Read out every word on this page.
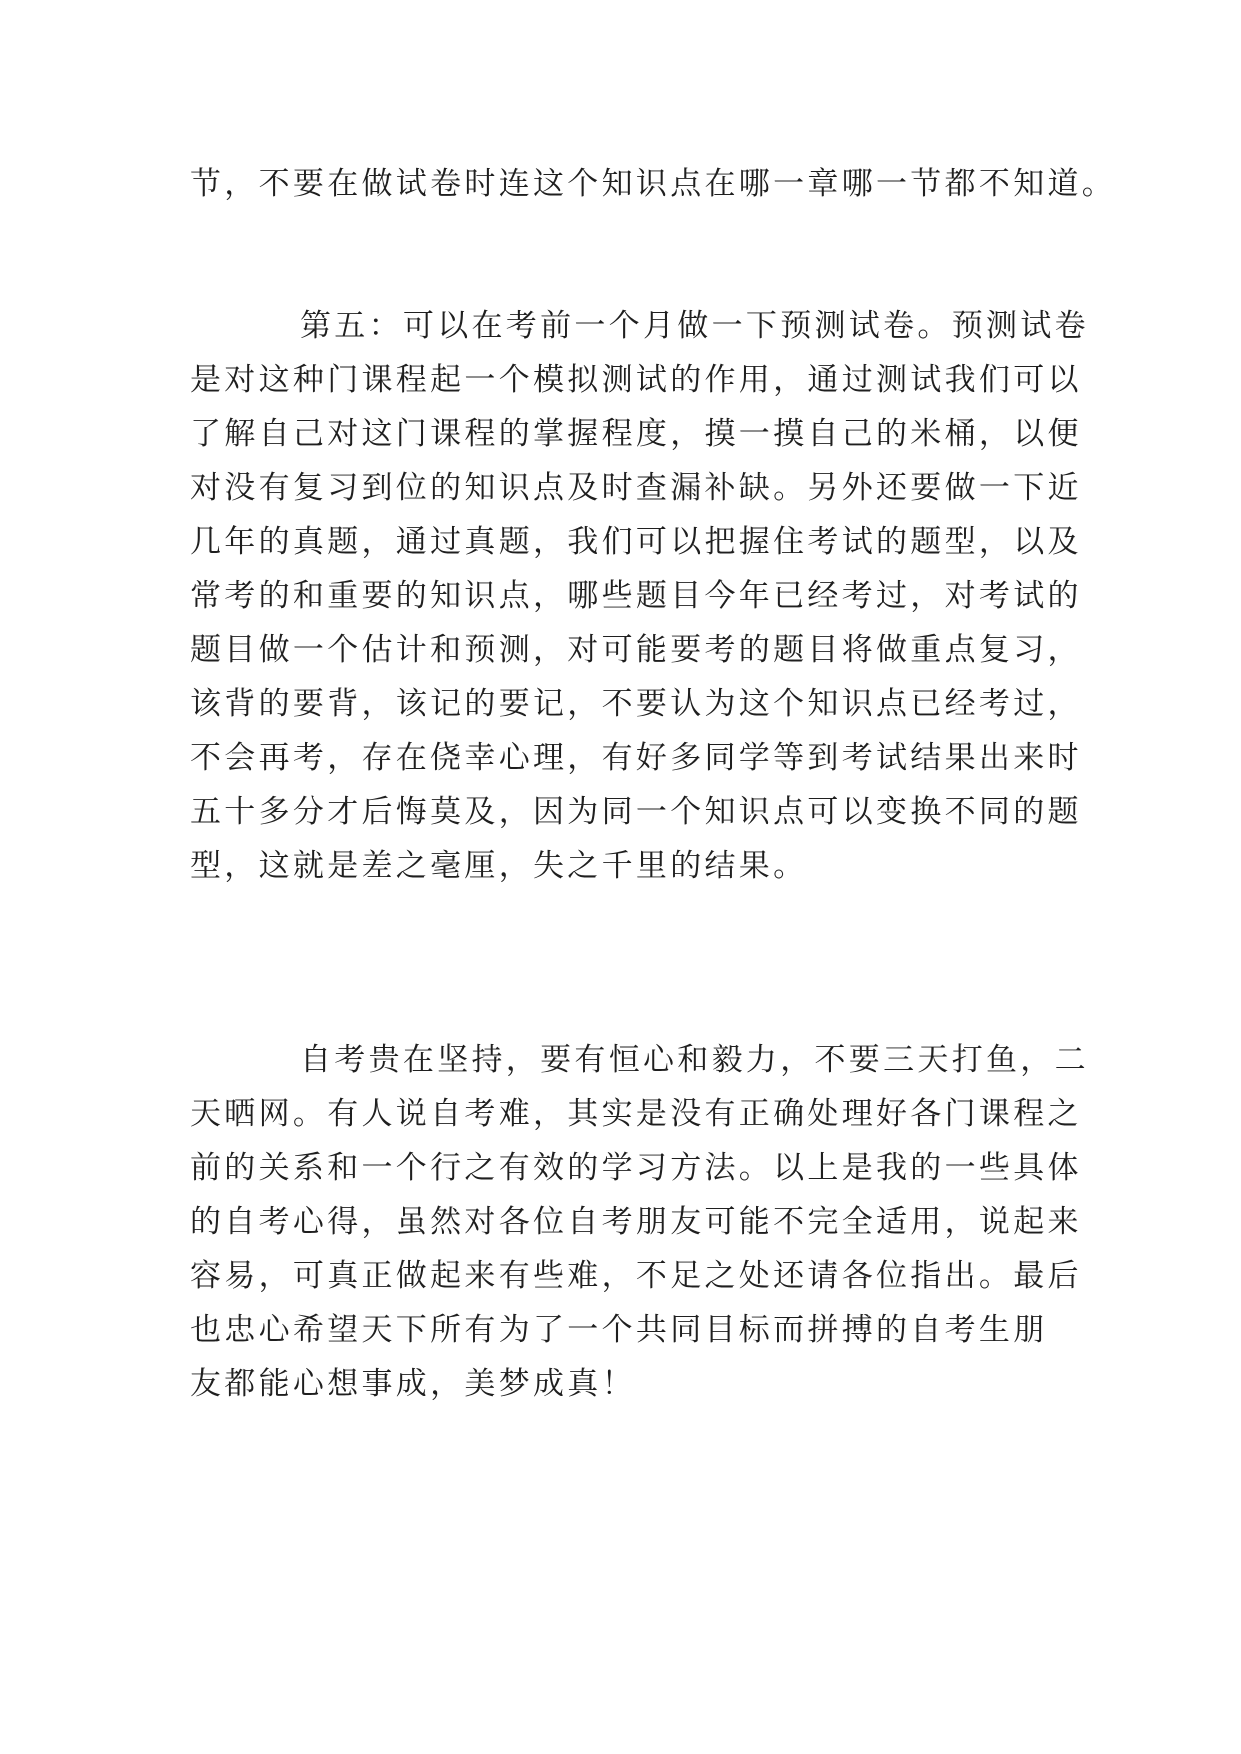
节，不要在做试卷时连这个知识点在哪一章哪一节都不知道。

第五：可以在考前一个月做一下预测试卷。预测试卷

是对这种门课程起一个模拟测试的作用，通过测试我们可以

了解自己对这门课程的掌握程度，摸一摸自己的米桶，以便

对没有复习到位的知识点及时查漏补缺。另外还要做一下近

几年的真题，通过真题，我们可以把握住考试的题型，以及

常考的和重要的知识点，哪些题目今年已经考过，对考试的

题目做一个估计和预测，对可能要考的题目将做重点复习，

该背的要背，该记的要记，不要认为这个知识点已经考过，

不会再考，存在侥幸心理，有好多同学等到考试结果出来时

五十多分才后悔莫及，因为同一个知识点可以变换不同的题

型，这就是差之毫厘，失之千里的结果。

自考贵在坚持，要有恒心和毅力，不要三天打鱼，二

天晒网。有人说自考难，其实是没有正确处理好各门课程之

前的关系和一个行之有效的学习方法。以上是我的一些具体

的自考心得，虽然对各位自考朋友可能不完全适用，说起来

容易，可真正做起来有些难，不足之处还请各位指出。最后

也忠心希望天下所有为了一个共同目标而拼搏的自考生朋

友都能心想事成，美梦成真！
